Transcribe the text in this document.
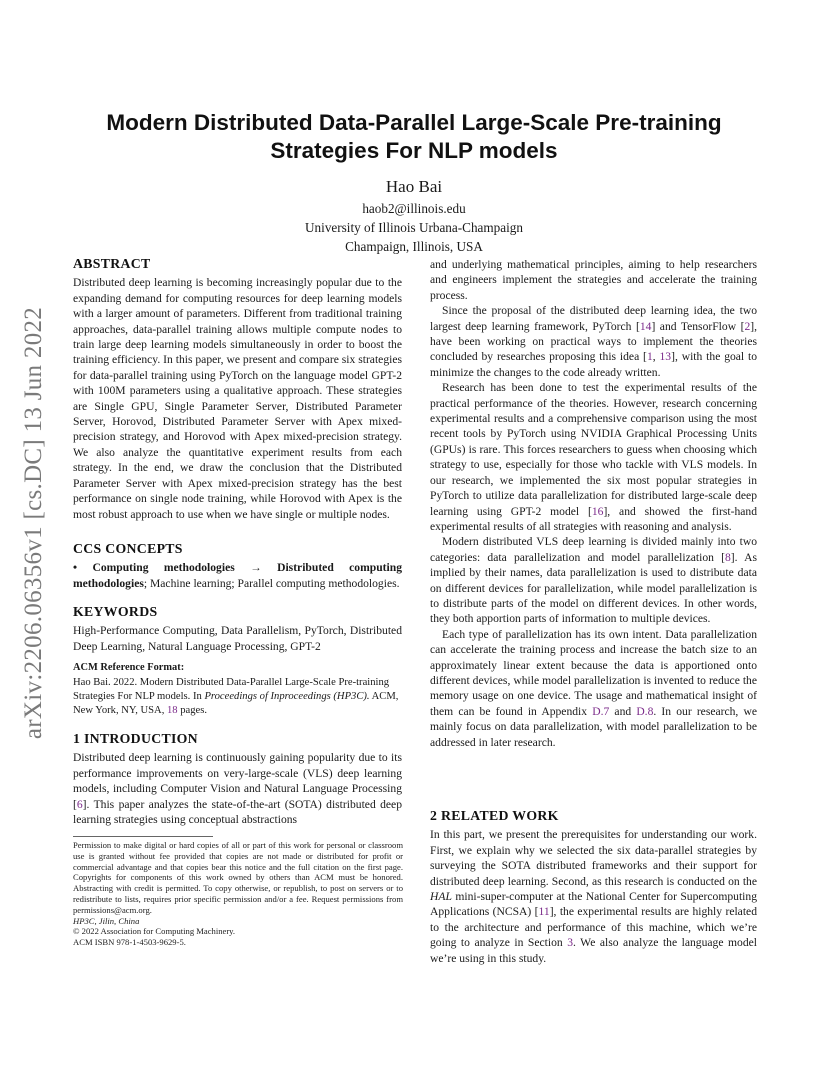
arXiv:2206.06356v1 [cs.DC] 13 Jun 2022
Modern Distributed Data-Parallel Large-Scale Pre-training
Strategies For NLP models
Hao Bai
haob2@illinois.edu
University of Illinois Urbana-Champaign
Champaign, Illinois, USA
ABSTRACT

Distributed deep learning is becoming increasingly popular due to the expanding demand for computing resources for deep learning models with a larger amount of parameters. Different from traditional training approaches, data-parallel training allows multiple compute nodes to train large deep learning models simultaneously in order to boost the training efficiency. In this paper, we present and compare six strategies for data-parallel training using PyTorch on the language model GPT-2 with 100M parameters using a qualitative approach. These strategies are Single GPU, Single Parameter Server, Distributed Parameter Server, Horovod, Distributed Parameter Server with Apex mixed-precision strategy, and Horovod with Apex mixed-precision strategy. We also analyze the quantitative experiment results from each strategy. In the end, we draw the conclusion that the Distributed Parameter Server with Apex mixed-precision strategy has the best performance on single node training, while Horovod with Apex is the most robust approach to use when we have single or multiple nodes.

CCS CONCEPTS

• Computing methodologies → Distributed computing methodologies; Machine learning; Parallel computing methodologies.

KEYWORDS

High-Performance Computing, Data Parallelism, PyTorch, Distributed Deep Learning, Natural Language Processing, GPT-2

ACM Reference Format:

Hao Bai. 2022. Modern Distributed Data-Parallel Large-Scale Pre-training Strategies For NLP models. In Proceedings of Inproceedings (HP3C). ACM, New York, NY, USA, 18 pages.

1 INTRODUCTION

Distributed deep learning is continuously gaining popularity due to its performance improvements on very-large-scale (VLS) deep learning models, including Computer Vision and Natural Language Processing [6]. This paper analyzes the state-of-the-art (SOTA) distributed deep learning strategies using conceptual abstractions

Permission to make digital or hard copies of all or part of this work for personal or classroom use is granted without fee provided that copies are not made or distributed for profit or commercial advantage and that copies bear this notice and the full citation on the first page. Copyrights for components of this work owned by others than ACM must be honored. Abstracting with credit is permitted. To copy otherwise, or republish, to post on servers or to redistribute to lists, requires prior specific permission and/or a fee. Request permissions from permissions@acm.org.

HP3C, Jilin, China

© 2022 Association for Computing Machinery.

ACM ISBN 978-1-4503-9629-5.

and underlying mathematical principles, aiming to help researchers and engineers implement the strategies and accelerate the training process.

Since the proposal of the distributed deep learning idea, the two largest deep learning framework, PyTorch [14] and TensorFlow [2], have been working on practical ways to implement the theories concluded by researches proposing this idea [1, 13], with the goal to minimize the changes to the code already written.

Research has been done to test the experimental results of the practical performance of the theories. However, research concerning experimental results and a comprehensive comparison using the most recent tools by PyTorch using NVIDIA Graphical Processing Units (GPUs) is rare. This forces researchers to guess when choosing which strategy to use, especially for those who tackle with VLS models. In our research, we implemented the six most popular strategies in PyTorch to utilize data parallelization for distributed large-scale deep learning using GPT-2 model [16], and showed the first-hand experimental results of all strategies with reasoning and analysis.

Modern distributed VLS deep learning is divided mainly into two categories: data parallelization and model parallelization [8]. As implied by their names, data parallelization is used to distribute data on different devices for parallelization, while model parallelization is to distribute parts of the model on different devices. In other words, they both apportion parts of information to multiple devices.

Each type of parallelization has its own intent. Data parallelization can accelerate the training process and increase the batch size to an approximately linear extent because the data is apportioned onto different devices, while model parallelization is invented to reduce the memory usage on one device. The usage and mathematical insight of them can be found in Appendix D.7 and D.8. In our research, we mainly focus on data parallelization, with model parallelization to be addressed in later research.

2 RELATED WORK

In this part, we present the prerequisites for understanding our work. First, we explain why we selected the six data-parallel strategies by surveying the SOTA distributed frameworks and their support for distributed deep learning. Second, as this research is conducted on the HAL mini-super-computer at the National Center for Supercomputing Applications (NCSA) [11], the experimental results are highly related to the architecture and performance of this machine, which we’re going to analyze in Section 3. We also analyze the language model we’re using in this study.
